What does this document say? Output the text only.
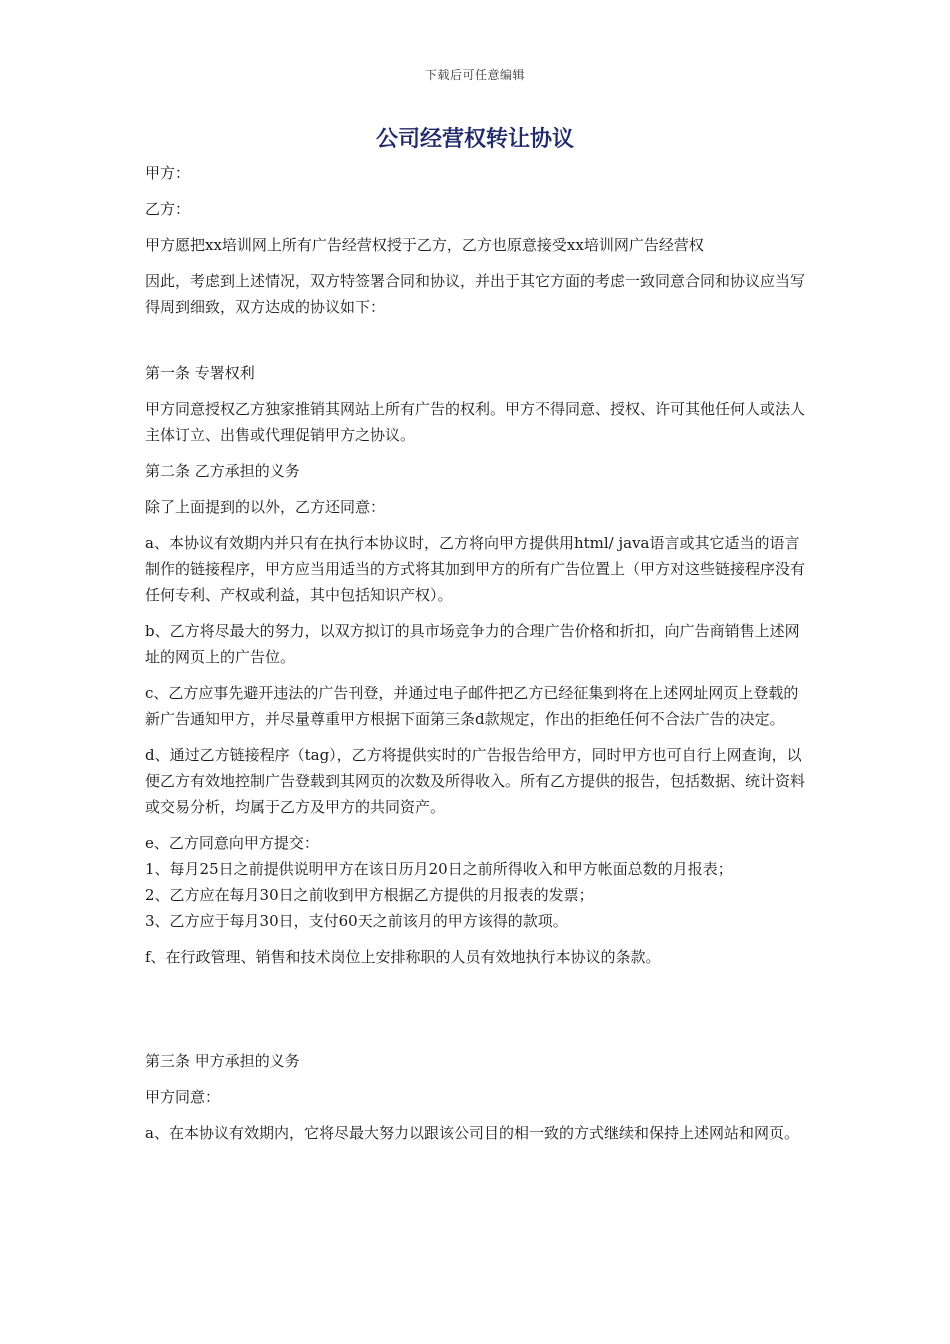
下载后可任意编辑
公司经营权转让协议

甲方：

乙方：

甲方愿把xx培训网上所有广告经营权授于乙方，乙方也原意接受xx培训网广告经营权

因此，考虑到上述情况，双方特签署合同和协议，并出于其它方面的考虑一致同意合同和协议应当写得周到细致，双方达成的协议如下：

第一条 专署权利

甲方同意授权乙方独家推销其网站上所有广告的权利。甲方不得同意、授权、许可其他任何人或法人主体订立、出售或代理促销甲方之协议。

第二条 乙方承担的义务

除了上面提到的以外，乙方还同意：

a、本协议有效期内并只有在执行本协议时，乙方将向甲方提供用html/ java语言或其它适当的语言制作的链接程序，甲方应当用适当的方式将其加到甲方的所有广告位置上（甲方对这些链接程序没有任何专利、产权或利益，其中包括知识产权）。

b、乙方将尽最大的努力，以双方拟订的具市场竞争力的合理广告价格和折扣，向广告商销售上述网址的网页上的广告位。

c、乙方应事先避开违法的广告刊登，并通过电子邮件把乙方已经征集到将在上述网址网页上登载的新广告通知甲方，并尽量尊重甲方根据下面第三条d款规定，作出的拒绝任何不合法广告的决定。

d、通过乙方链接程序（tag），乙方将提供实时的广告报告给甲方，同时甲方也可自行上网查询，以便乙方有效地控制广告登载到其网页的次数及所得收入。所有乙方提供的报告，包括数据、统计资料或交易分析，均属于乙方及甲方的共同资产。

e、乙方同意向甲方提交：

1、每月25日之前提供说明甲方在该日历月20日之前所得收入和甲方帐面总数的月报表；

2、乙方应在每月30日之前收到甲方根据乙方提供的月报表的发票；

3、乙方应于每月30日，支付60天之前该月的甲方该得的款项。

f、在行政管理、销售和技术岗位上安排称职的人员有效地执行本协议的条款。

第三条 甲方承担的义务

甲方同意：

a、在本协议有效期内，它将尽最大努力以跟该公司目的相一致的方式继续和保持上述网站和网页。
